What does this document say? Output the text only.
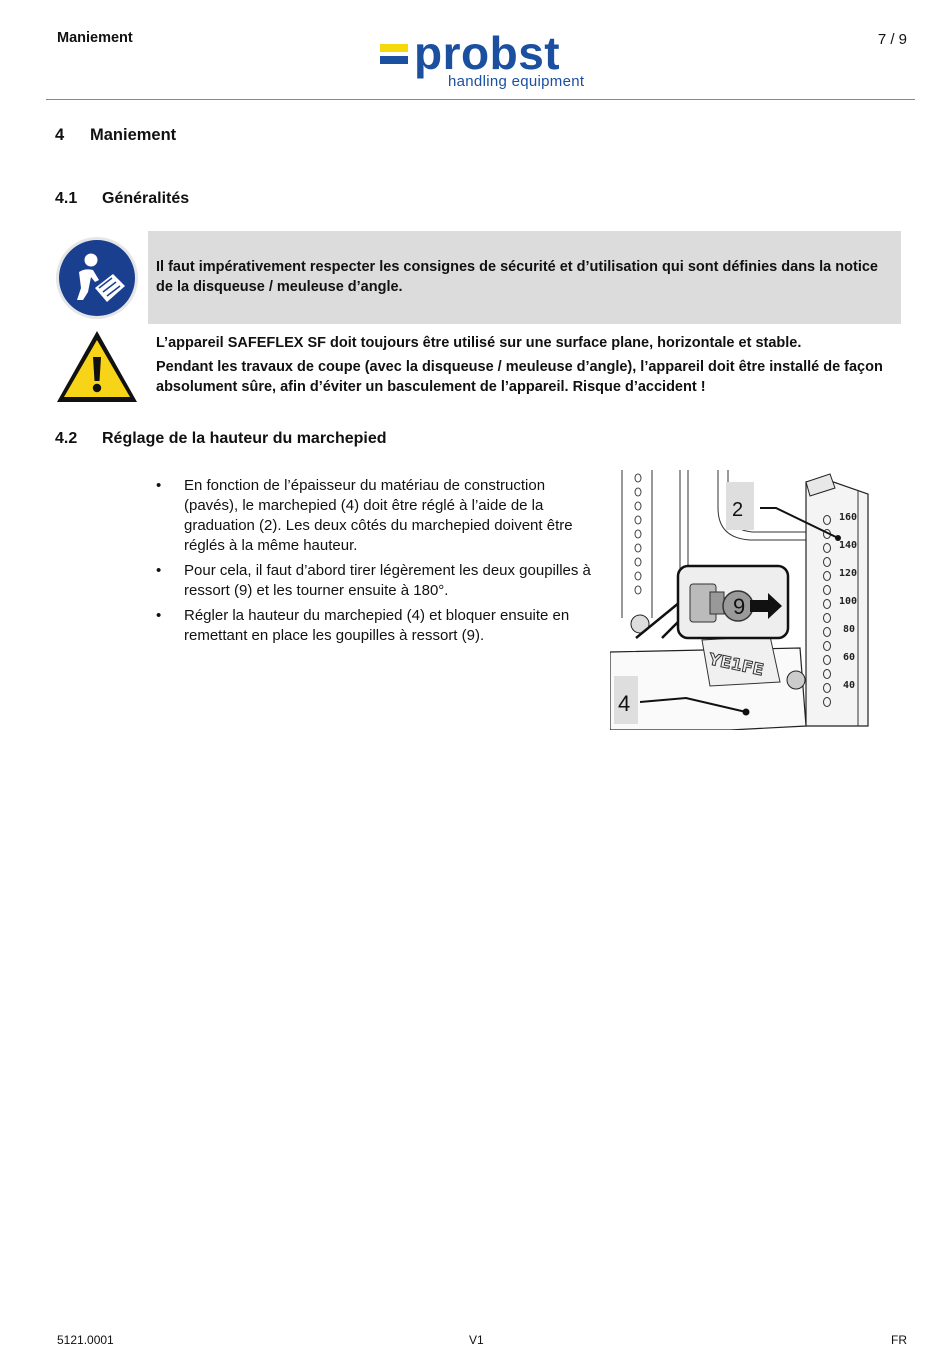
Maniement	7 / 9
probst
handling equipment
4 Maniement
4.1 Généralités
Il faut impérativement respecter les consignes de sécurité et d’utilisation qui sont définies dans la notice de la disqueuse / meuleuse d’angle.

L’appareil SAFEFLEX SF doit toujours être utilisé sur une surface plane, horizontale et stable.

Pendant les travaux de coupe (avec la disqueuse / meuleuse d’angle), l’appareil doit être installé de façon absolument sûre, afin d’éviter un basculement de l’appareil. Risque d’accident !

4.2 Réglage de la hauteur du marchepied
• En fonction de l’épaisseur du matériau de construction (pavés), le marchepied (4) doit être réglé à l’aide de la graduation (2). Les deux côtés du marchepied doivent être réglés à la même hauteur.
• Pour cela, il faut d’abord tirer légèrement les deux goupilles à ressort (9) et les tourner ensuite à 180°.
• Régler la hauteur du marchepied (4) et bloquer ensuite en remettant en place les goupilles à ressort (9).
160
140
120
100
80
60
40
YE1FE
9
2
4
5121.0001	V1	FR
